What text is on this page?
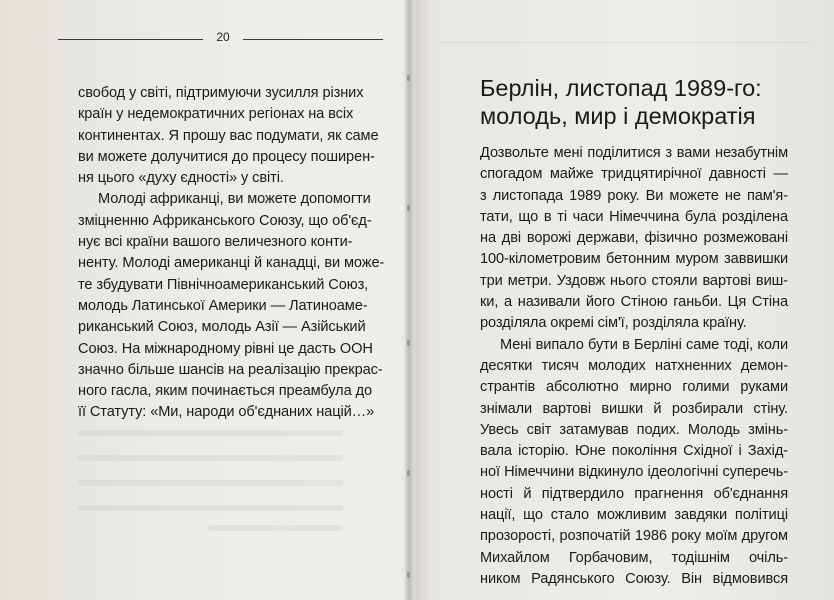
20
свобод у світі, підтримуючи зусилля різних
країн у недемократичних регіонах на всіх
континентах. Я прошу вас подумати, як саме
ви можете долучитися до процесу поширен-
ня цього «духу єдності» у світі.
Молоді африканці, ви можете допомогти
зміцненню Африканського Союзу, що об'єд-
нує всі країни вашого величезного конти-
ненту. Молоді американці й канадці, ви може-
те збудувати Північноамериканський Союз,
молодь Латинської Америки — Латиноаме-
риканський Союз, молодь Азії — Азійський
Союз. На міжнародному рівні це дасть ООН
значно більше шансів на реалізацію прекрас-
ного гасла, яким починається преамбула до
її Статуту: «Ми, народи об'єднаних націй…»
Берлін, листопад 1989-го:
молодь, мир і демократія
Дозвольте мені поділитися з вами незабутнім
спогадом майже тридцятирічної давності —
з листопада 1989 року. Ви можете не пам'я-
тати, що в ті часи Німеччина була розділена
на дві ворожі держави, фізично розмежовані
100-кілометровим бетонним муром заввишки
три метри. Уздовж нього стояли вартові виш-
ки, а називали його Стіною ганьби. Ця Стіна
розділяла окремі сім'ї, розділяла країну.
Мені випало бути в Берліні саме тоді, коли
десятки тисяч молодих натхненних демон-
странтів абсолютно мирно голими руками
знімали вартові вишки й розбирали стіну.
Увесь світ затамував подих. Молодь змінь-
вала історію. Юне покоління Східної і Захід-
ної Німеччини відкинуло ідеологічні суперечь-
ності й підтвердило прагнення об'єднання
нації, що стало можливим завдяки політиці
прозорості, розпочатій 1986 року моїм другом
Михайлом Горбачовим, тодішнім очіль-
ником Радянського Союзу. Він відмовився
